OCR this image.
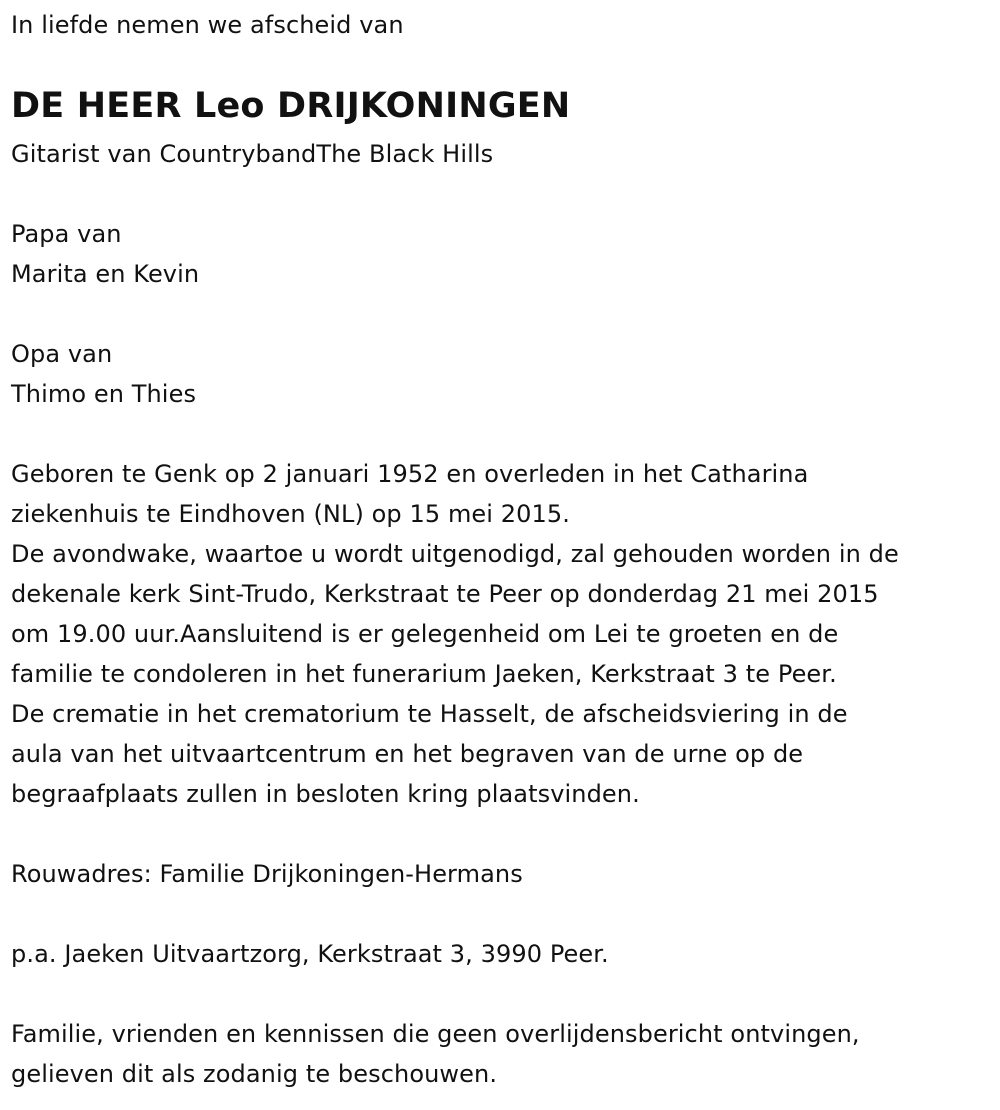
In liefde nemen we afscheid van
DE HEER Leo DRIJKONINGEN
Gitarist van CountrybandThe Black Hills
Papa van
Marita en Kevin
Opa van
Thimo en Thies
Geboren te Genk op 2 januari 1952 en overleden in het Catharina
ziekenhuis te Eindhoven (NL) op 15 mei 2015.
De avondwake, waartoe u wordt uitgenodigd, zal gehouden worden in de
dekenale kerk Sint-Trudo, Kerkstraat te Peer op donderdag 21 mei 2015
om 19.00 uur.Aansluitend is er gelegenheid om Lei te groeten en de
familie te condoleren in het funerarium Jaeken, Kerkstraat 3 te Peer.
De crematie in het crematorium te Hasselt, de afscheidsviering in de
aula van het uitvaartcentrum en het begraven van de urne op de
begraafplaats zullen in besloten kring plaatsvinden.
Rouwadres: Familie Drijkoningen-Hermans
p.a. Jaeken Uitvaartzorg, Kerkstraat 3, 3990 Peer.
Familie, vrienden en kennissen die geen overlijdensbericht ontvingen,
gelieven dit als zodanig te beschouwen.
